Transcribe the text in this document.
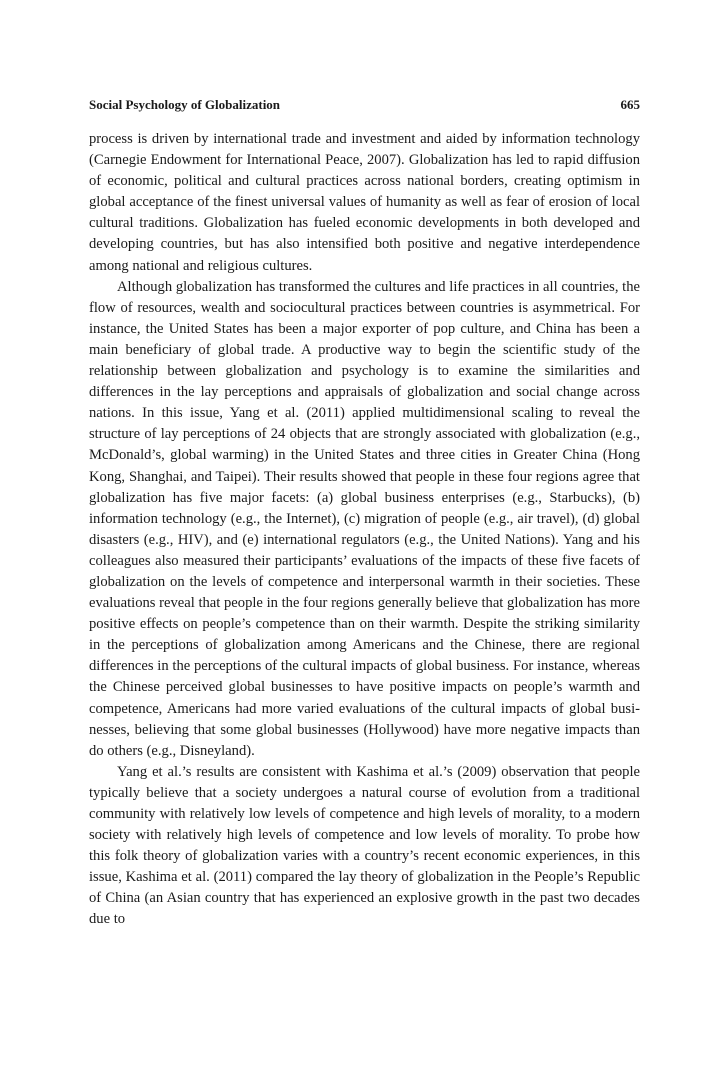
Social Psychology of Globalization	665

process is driven by international trade and investment and aided by information technology (Carnegie Endowment for International Peace, 2007). Globalization has led to rapid diffusion of economic, political and cultural practices across national borders, creating optimism in global acceptance of the finest universal values of humanity as well as fear of erosion of local cultural traditions. Globalization has fueled economic developments in both developed and developing countries, but has also intensified both positive and negative interdependence among national and religious cultures.

Although globalization has transformed the cultures and life practices in all countries, the flow of resources, wealth and sociocultural practices between countries is asymmetrical. For instance, the United States has been a major exporter of pop culture, and China has been a main beneficiary of global trade. A productive way to begin the scientific study of the relationship between globalization and psychology is to examine the similarities and differences in the lay perceptions and appraisals of globalization and social change across nations. In this issue, Yang et al. (2011) applied multidimensional scaling to reveal the structure of lay perceptions of 24 objects that are strongly associated with globalization (e.g., McDonald’s, global warming) in the United States and three cities in Greater China (Hong Kong, Shanghai, and Taipei). Their results showed that people in these four regions agree that globalization has five major facets: (a) global business enterprises (e.g., Starbucks), (b) information technology (e.g., the Internet), (c) migration of people (e.g., air travel), (d) global disasters (e.g., HIV), and (e) international regulators (e.g., the United Nations). Yang and his colleagues also measured their participants’ evaluations of the impacts of these five facets of globalization on the levels of competence and interpersonal warmth in their societies. These evaluations reveal that people in the four regions generally believe that globalization has more positive effects on people’s competence than on their warmth. Despite the striking similarity in the perceptions of globalization among Americans and the Chinese, there are regional differences in the perceptions of the cultural impacts of global business. For instance, whereas the Chinese perceived global businesses to have positive impacts on people’s warmth and competence, Americans had more varied evaluations of the cultural impacts of global businesses, believing that some global businesses (Hollywood) have more negative impacts than do others (e.g., Disneyland).

Yang et al.’s results are consistent with Kashima et al.’s (2009) observation that people typically believe that a society undergoes a natural course of evolution from a traditional community with relatively low levels of competence and high levels of morality, to a modern society with relatively high levels of competence and low levels of morality. To probe how this folk theory of globalization varies with a country’s recent economic experiences, in this issue, Kashima et al. (2011) compared the lay theory of globalization in the People’s Republic of China (an Asian country that has experienced an explosive growth in the past two decades due to
